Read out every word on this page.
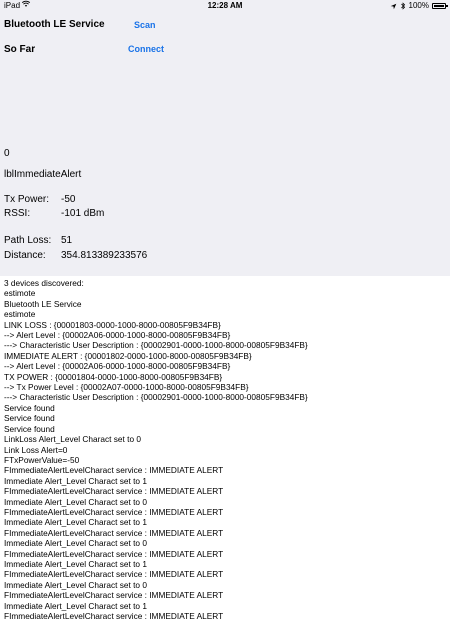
iPad	12:28 AM	100%
Bluetooth LE Service	Scan
So Far	Connect
0
lblImmediateAlert
Tx Power: -50
RSSI:	-101 dBm
Path Loss: 51
Distance: 354.813389233576
3 devices discovered:
estimote
Bluetooth LE Service
estimote
LINK LOSS : {00001803-0000-1000-8000-00805F9B34FB}
--> Alert Level : {00002A06-0000-1000-8000-00805F9B34FB}
---> Characteristic User Description : {00002901-0000-1000-8000-00805F9B34FB}
IMMEDIATE ALERT : {00001802-0000-1000-8000-00805F9B34FB}
--> Alert Level : {00002A06-0000-1000-8000-00805F9B34FB}
TX POWER : {00001804-0000-1000-8000-00805F9B34FB}
--> Tx Power Level : {00002A07-0000-1000-8000-00805F9B34FB}
---> Characteristic User Description : {00002901-0000-1000-8000-00805F9B34FB}
Service found
Service found
Service found
LinkLoss Alert_Level Charact set to 0
Link Loss Alert=0
FTxPowerValue=-50
FImmediateAlertLevelCharact service : IMMEDIATE ALERT
Immediate Alert_Level Charact set to 1
FImmediateAlertLevelCharact service : IMMEDIATE ALERT
Immediate Alert_Level Charact set to 0
FImmediateAlertLevelCharact service : IMMEDIATE ALERT
Immediate Alert_Level Charact set to 1
FImmediateAlertLevelCharact service : IMMEDIATE ALERT
Immediate Alert_Level Charact set to 0
FImmediateAlertLevelCharact service : IMMEDIATE ALERT
Immediate Alert_Level Charact set to 1
FImmediateAlertLevelCharact service : IMMEDIATE ALERT
Immediate Alert_Level Charact set to 0
FImmediateAlertLevelCharact service : IMMEDIATE ALERT
Immediate Alert_Level Charact set to 1
FImmediateAlertLevelCharact service : IMMEDIATE ALERT
